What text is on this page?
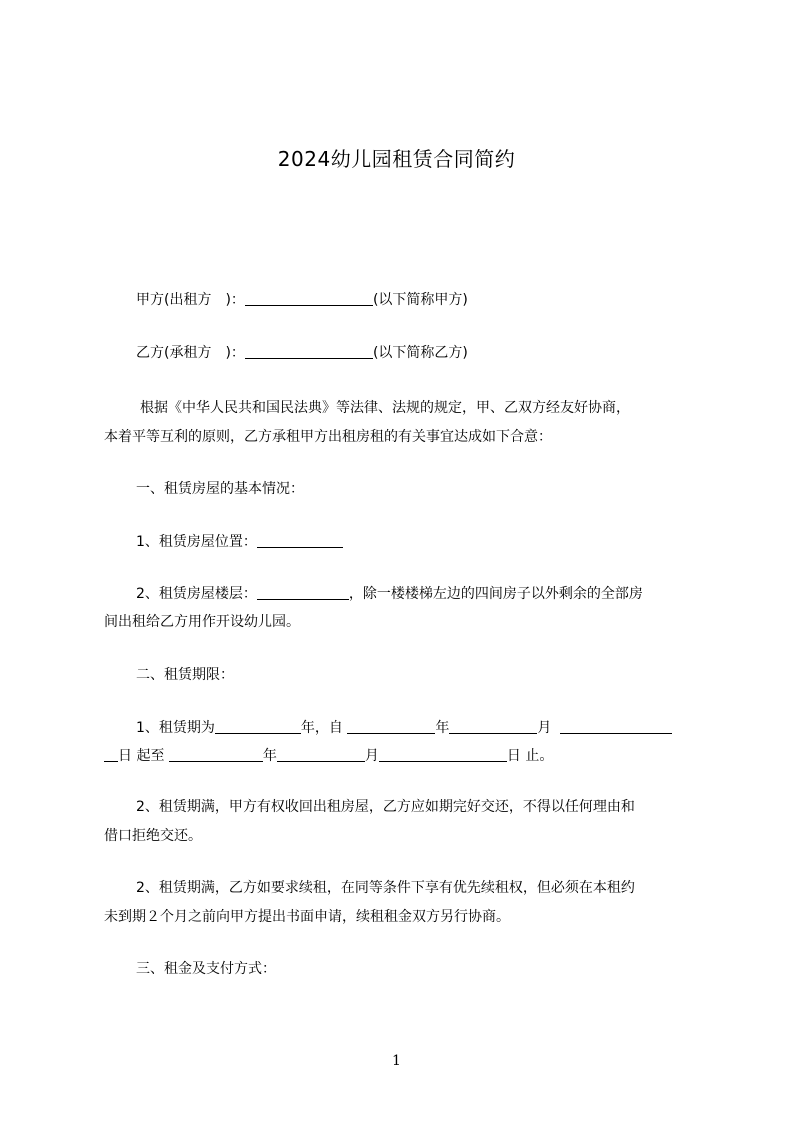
2024幼儿园租赁合同简约
甲方(出租方　)：	(以下简称甲方)
乙方(承租方　)：	(以下简称乙方)
根据《中华人民共和国民法典》等法律、法规的规定，甲、乙双方经友好协商，
本着平等互利的原则，乙方承租甲方出租房租的有关事宜达成如下合意：
一、租赁房屋的基本情况：
1、租赁房屋位置：
2、租赁房屋楼层：	，除一楼楼梯左边的四间房子以外剩余的全部房
间出租给乙方用作开设幼儿园。
二、租赁期限：
1、租赁期为	年，自	年	月
日 起至	年	月	日 止。
2、租赁期满，甲方有权收回出租房屋，乙方应如期完好交还，不得以任何理由和
借口拒绝交还。
2、租赁期满，乙方如要求续租，在同等条件下享有优先续租权，但必须在本租约
未到期２个月之前向甲方提出书面申请，续租租金双方另行协商。
三、租金及支付方式：
1
